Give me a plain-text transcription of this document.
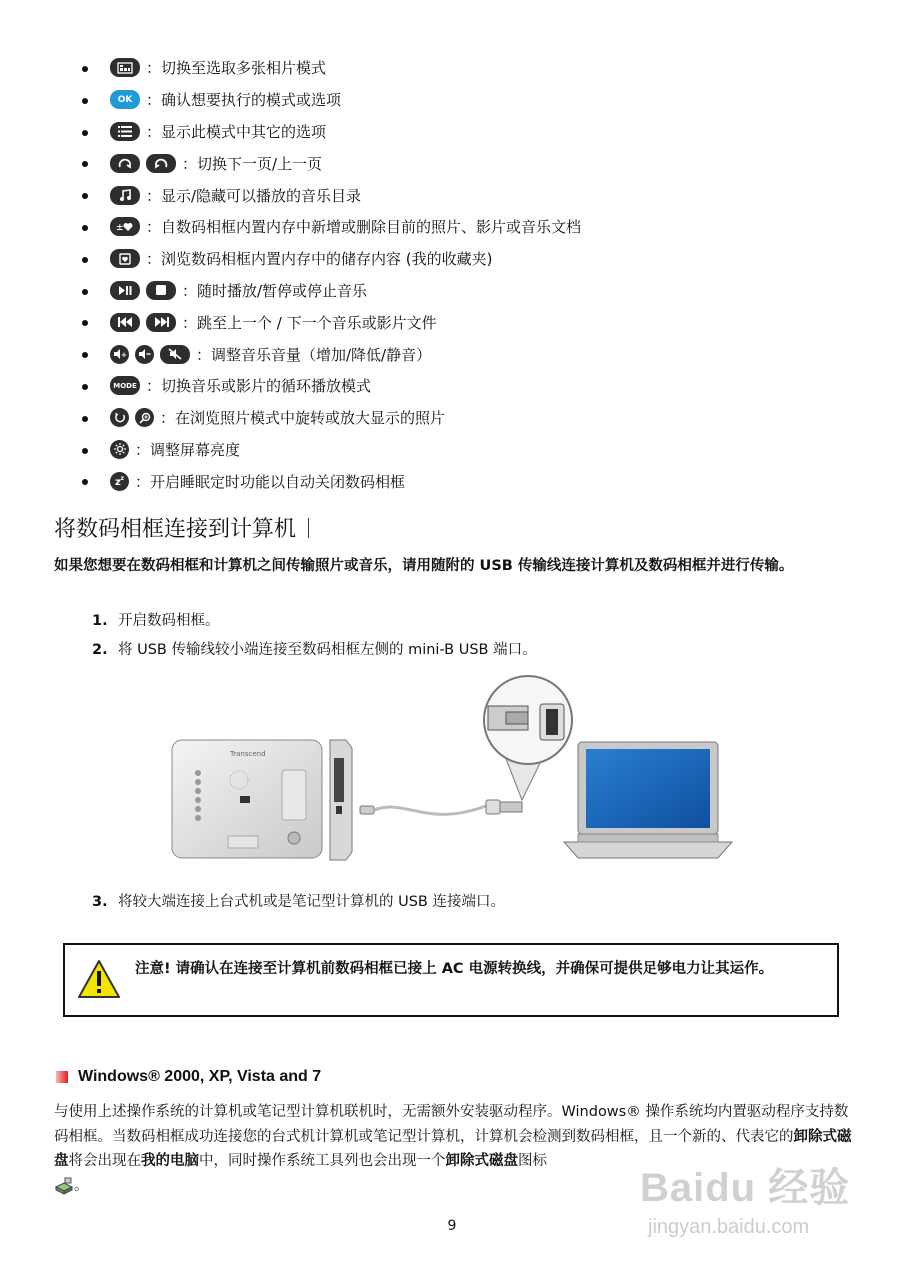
：切换至选取多张相片模式
OK ：确认想要执行的模式或选项
：显示此模式中其它的选项
：切换下一页/上一页
：显示/隐藏可以播放的音乐目录
± ：自数码相框内置内存中新增或删除目前的照片、影片或音乐文档
：浏览数码相框内置内存中的储存内容 (我的收藏夹)
：随时播放/暂停或停止音乐
：跳至上一个 / 下一个音乐或影片文件
+	：调整音乐音量（增加/降低/静音）
MODE ：切换音乐或影片的循环播放模式
：在浏览照片模式中旋转或放大显示的照片
：调整屏幕亮度
z z ：开启睡眠定时功能以自动关闭数码相框
将数码相框连接到计算机

如果您想要在数码相框和计算机之间传输照片或音乐，请用随附的 USB 传输线连接计算机及数码相框并进行传输。

1. 开启数码相框。

2. 将 USB 传输线较小端连接至数码相框左侧的 mini-B USB 端口。

Transcend

3. 将较大端连接上台式机或是笔记型计算机的 USB 连接端口。

注意! 请确认在连接至计算机前数码相框已接上 AC 电源转换线，并确保可提供足够电力让其运作。
Windows® 2000, XP, Vista and 7

与使用上述操作系统的计算机或笔记型计算机联机时，无需额外安装驱动程序。Windows® 操作系统均内置驱动程序支持数码相框。当数码相框成功连接您的台式机计算机或笔记型计算机，计算机会检测到数码相框，且一个新的、代表它的卸除式磁盘将会出现在我的电脑中，同时操作系统工具列也会出现一个卸除式磁盘图标
。	Baidu 经验
jingyan.baidu.com
9
